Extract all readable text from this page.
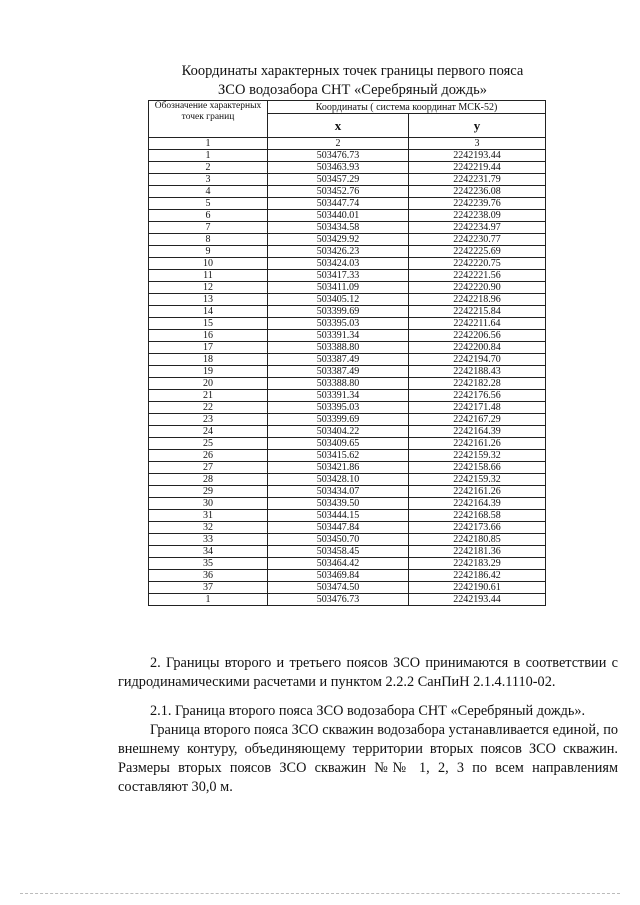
Координаты характерных точек границы первого пояса
ЗСО водозабора СНТ «Серебряный дождь»
Обозначение характерных точек границ	Координаты ( система координат МСК-52)	
	x	у
1	2	3
1	503476.73	2242193.44
2	503463.93	2242219.44
3	503457.29	2242231.79
4	503452.76	2242236.08
5	503447.74	2242239.76
6	503440.01	2242238.09
7	503434.58	2242234.97
8	503429.92	2242230.77
9	503426.23	2242225.69
10	503424.03	2242220.75
11	503417.33	2242221.56
12	503411.09	2242220.90
13	503405.12	2242218.96
14	503399.69	2242215.84
15	503395.03	2242211.64
16	503391.34	2242206.56
17	503388.80	2242200.84
18	503387.49	2242194.70
19	503387.49	2242188.43
20	503388.80	2242182.28
21	503391.34	2242176.56
22	503395.03	2242171.48
23	503399.69	2242167.29
24	503404.22	2242164.39
25	503409.65	2242161.26
26	503415.62	2242159.32
27	503421.86	2242158.66
28	503428.10	2242159.32
29	503434.07	2242161.26
30	503439.50	2242164.39
31	503444.15	2242168.58
32	503447.84	2242173.66
33	503450.70	2242180.85
34	503458.45	2242181.36
35	503464.42	2242183.29
36	503469.84	2242186.42
37	503474.50	2242190.61
1	503476.73	2242193.44

2. Границы второго и третьего поясов ЗСО принимаются в соответствии с гидродинамическими расчетами и пунктом 2.2.2 СанПиН 2.1.4.1110-02.

2.1. Граница второго пояса ЗСО водозабора СНТ «Серебряный дождь».

Граница второго пояса ЗСО скважин водозабора устанавливается единой, по внешнему контуру, объединяющему территории вторых поясов ЗСО скважин. Размеры вторых поясов ЗСО скважин №№ 1, 2, 3 по всем направлениям составляют 30,0 м.
